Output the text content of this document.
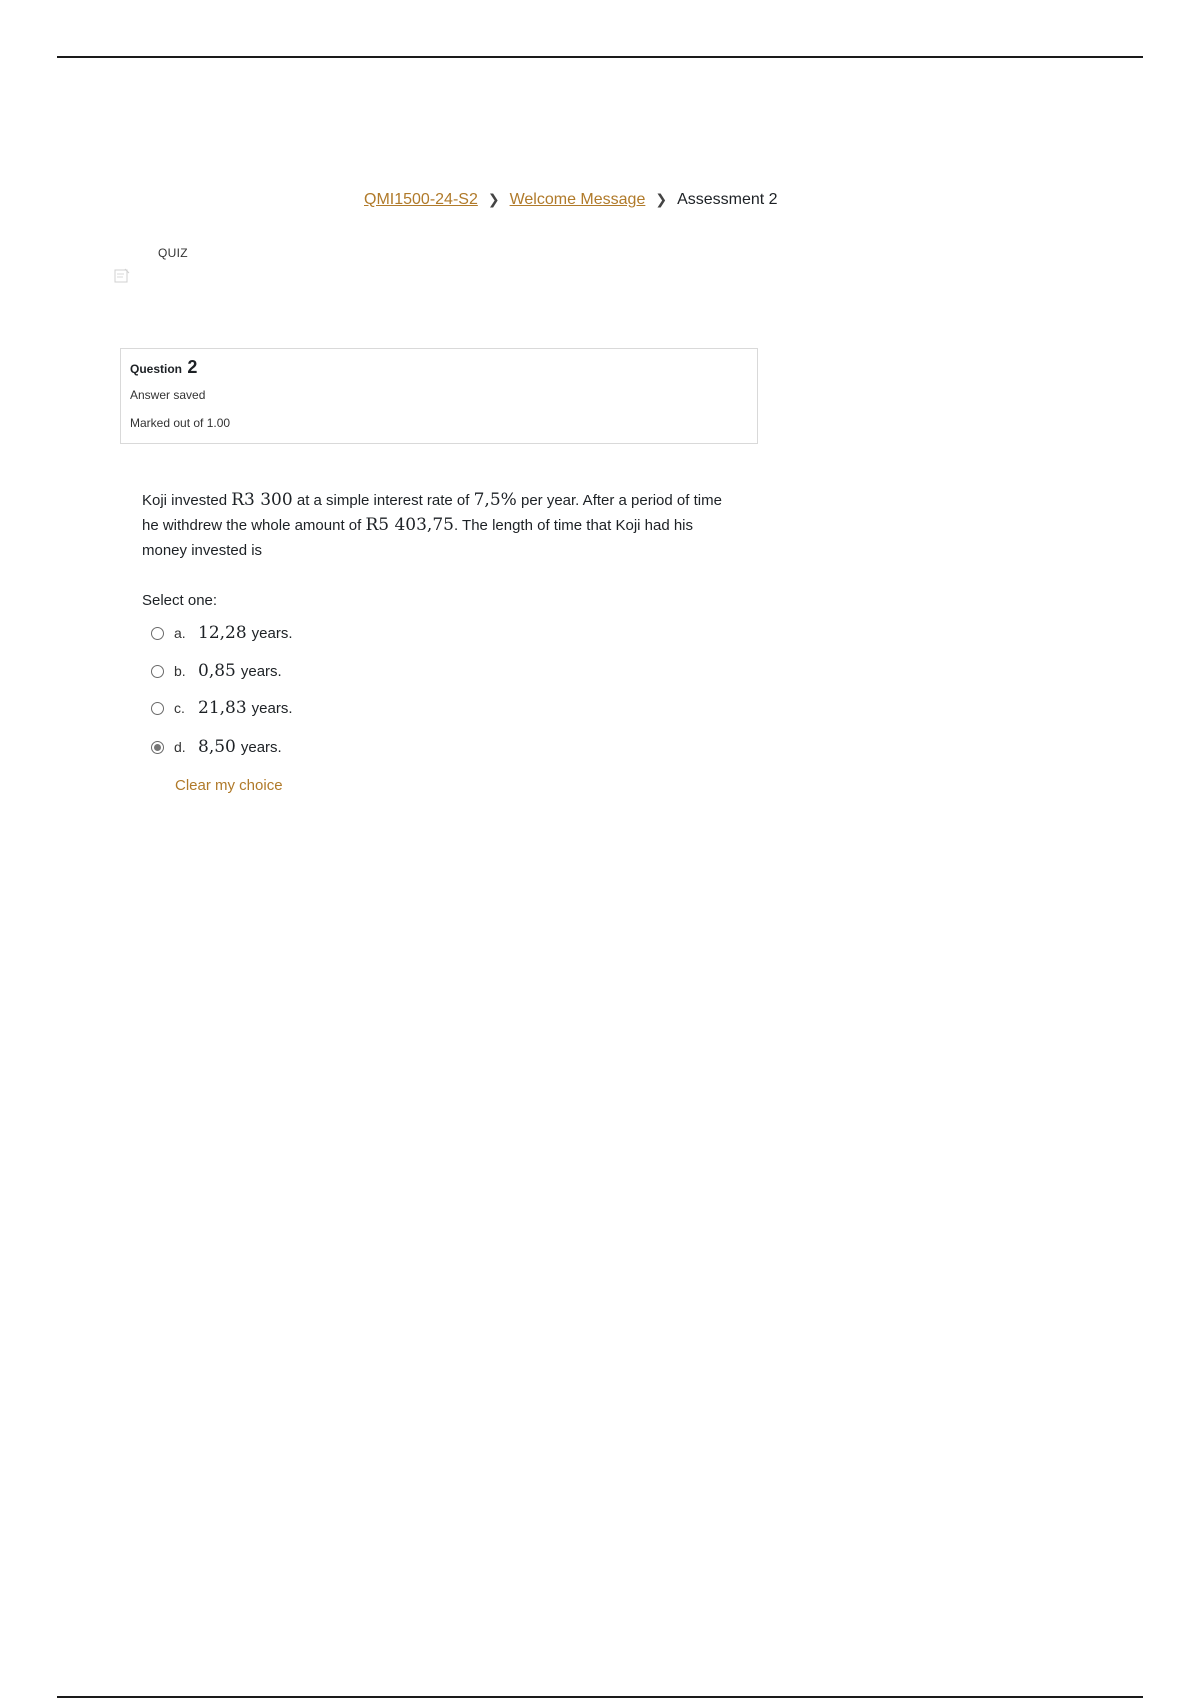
QMI1500-24-S2 ❯ Welcome Message ❯ Assessment 2
QUIZ
Question 2
Answer saved
Marked out of 1.00
Koji invested R3 300 at a simple interest rate of 7,5% per year. After a period of time he withdrew the whole amount of R5 403,75. The length of time that Koji had his money invested is
Select one:
a. 12,28 years.
b. 0,85 years.
c. 21,83 years.
d. 8,50 years.
Clear my choice
